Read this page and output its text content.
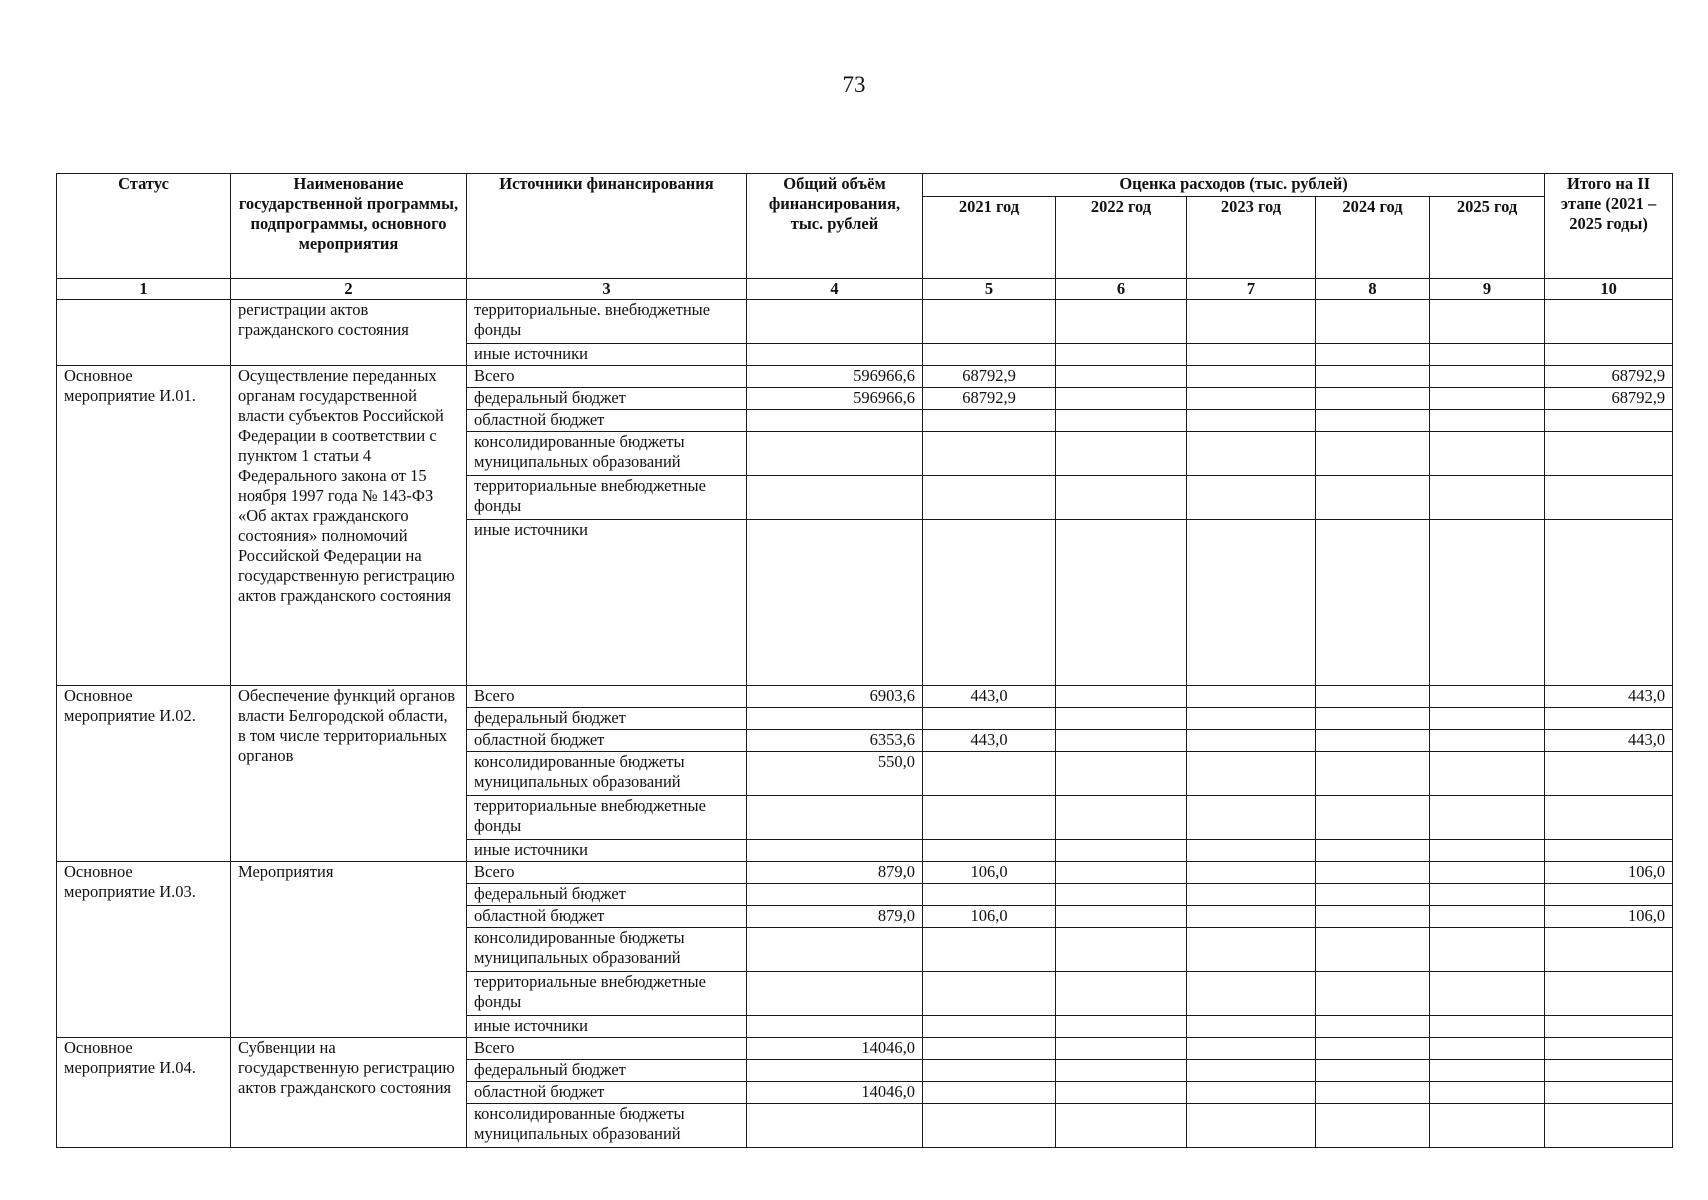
73
Статус	Наименование государственной программы, подпрограммы, основного мероприятия	Источники финансирования	Общий объём финансирования, тыс. рублей	Оценка расходов (тыс. рублей)					Итого на II этапе (2021 – 2025 годы)
				2021 год	2022 год	2023 год	2024 год	2025 год	
1	2	3	4	5	6	7	8	9	10
	регистрации актов гражданского состояния	территориальные. внебюджетные фонды							
		иные источники							
Основное мероприятие И.01.	Осуществление переданных органам государственной власти субъектов Российской Федерации в соответствии с пунктом 1 статьи 4 Федерального закона от 15 ноября 1997 года № 143-ФЗ «Об актах гражданского состояния» полномочий Российской Федерации на государственную регистрацию актов гражданского состояния	Всего	596966,6	68792,9					68792,9
		федеральный бюджет	596966,6	68792,9					68792,9
		областной бюджет							
		консолидированные бюджеты муниципальных образований							
		территориальные внебюджетные фонды							
		иные источники							
Основное мероприятие И.02.	Обеспечение функций органов власти Белгородской области, в том числе территориальных органов	Всего	6903,6	443,0					443,0
		федеральный бюджет							
		областной бюджет	6353,6	443,0					443,0
		консолидированные бюджеты муниципальных образований	550,0						
		территориальные внебюджетные фонды							
		иные источники							
Основное мероприятие И.03.	Мероприятия	Всего	879,0	106,0					106,0
		федеральный бюджет							
		областной бюджет	879,0	106,0					106,0
		консолидированные бюджеты муниципальных образований							
		территориальные внебюджетные фонды							
		иные источники							
Основное мероприятие И.04.	Субвенции на государственную регистрацию актов гражданского состояния	Всего	14046,0						
		федеральный бюджет							
		областной бюджет	14046,0						
		консолидированные бюджеты муниципальных образований							
